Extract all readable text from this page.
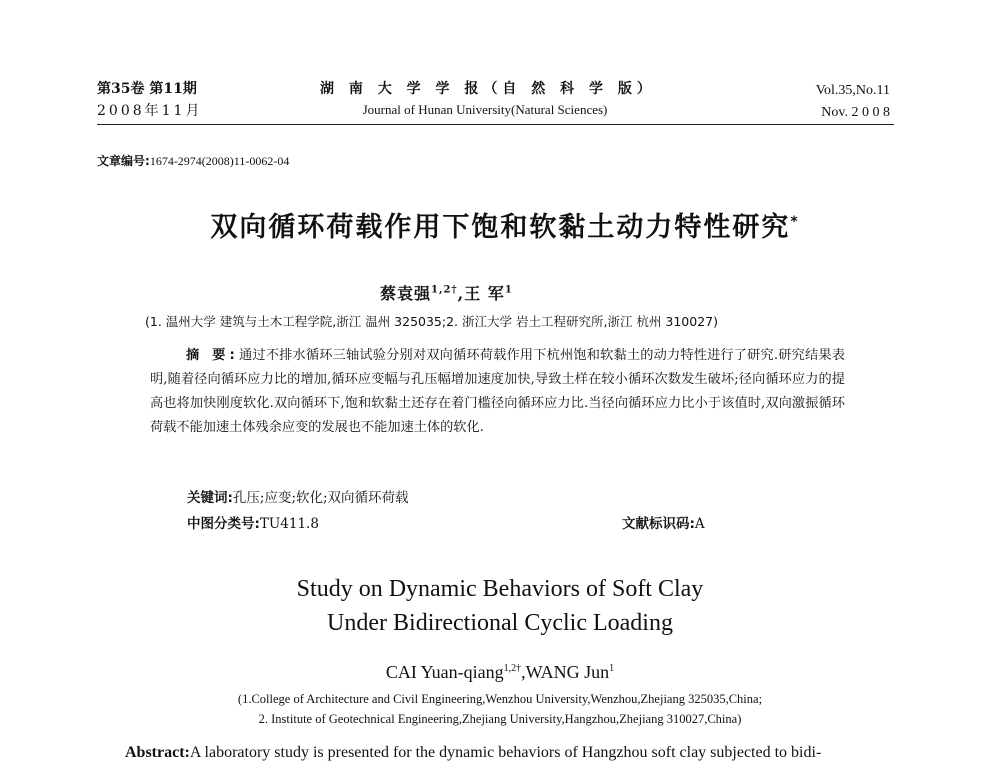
第35卷 第11期
2008年11月
湖 南 大 学 学 报（自 然 科 学 版）
Journal of Hunan University(Natural Sciences)
Vol.35,No.11
Nov. 2 0 0 8
文章编号:1674-2974(2008)11-0062-04
双向循环荷载作用下饱和软黏土动力特性研究*
蔡袁强$^{1,2\dagger}$,王 军$^1$
(1. 温州大学 建筑与土木工程学院,浙江 温州 325035;2. 浙江大学 岩土工程研究所,浙江 杭州 310027)
摘 要:通过不排水循环三轴试验分别对双向循环荷载作用下杭州饱和软黏土的动力特性进行了研究.研究结果表明,随着径向循环应力比的增加,循环应变幅与孔压幅增加速度加快,导致土样在较小循环次数发生破坏;径向循环应力的提高也将加快刚度软化.双向循环下,饱和软黏土还存在着门槛径向循环应力比.当径向循环应力比小于该值时,双向激振循环荷载不能加速土体残余应变的发展也不能加速土体的软化.
关键词:孔压;应变;软化;双向循环荷载
中图分类号:TU411.8	文献标识码:A
Study on Dynamic Behaviors of Soft Clay
Under Bidirectional Cyclic Loading
CAI Yuan-qiang$^{1,2\dagger}$,WANG Jun$^1$
(1.College of Architecture and Civil Engineering,Wenzhou University,Wenzhou,Zhejiang 325035,China;
2. Institute of Geotechnical Engineering,Zhejiang University,Hangzhou,Zhejiang 310027,China)
Abstract:A laboratory study is presented for the dynamic behaviors of Hangzhou soft clay subjected to bidi-
